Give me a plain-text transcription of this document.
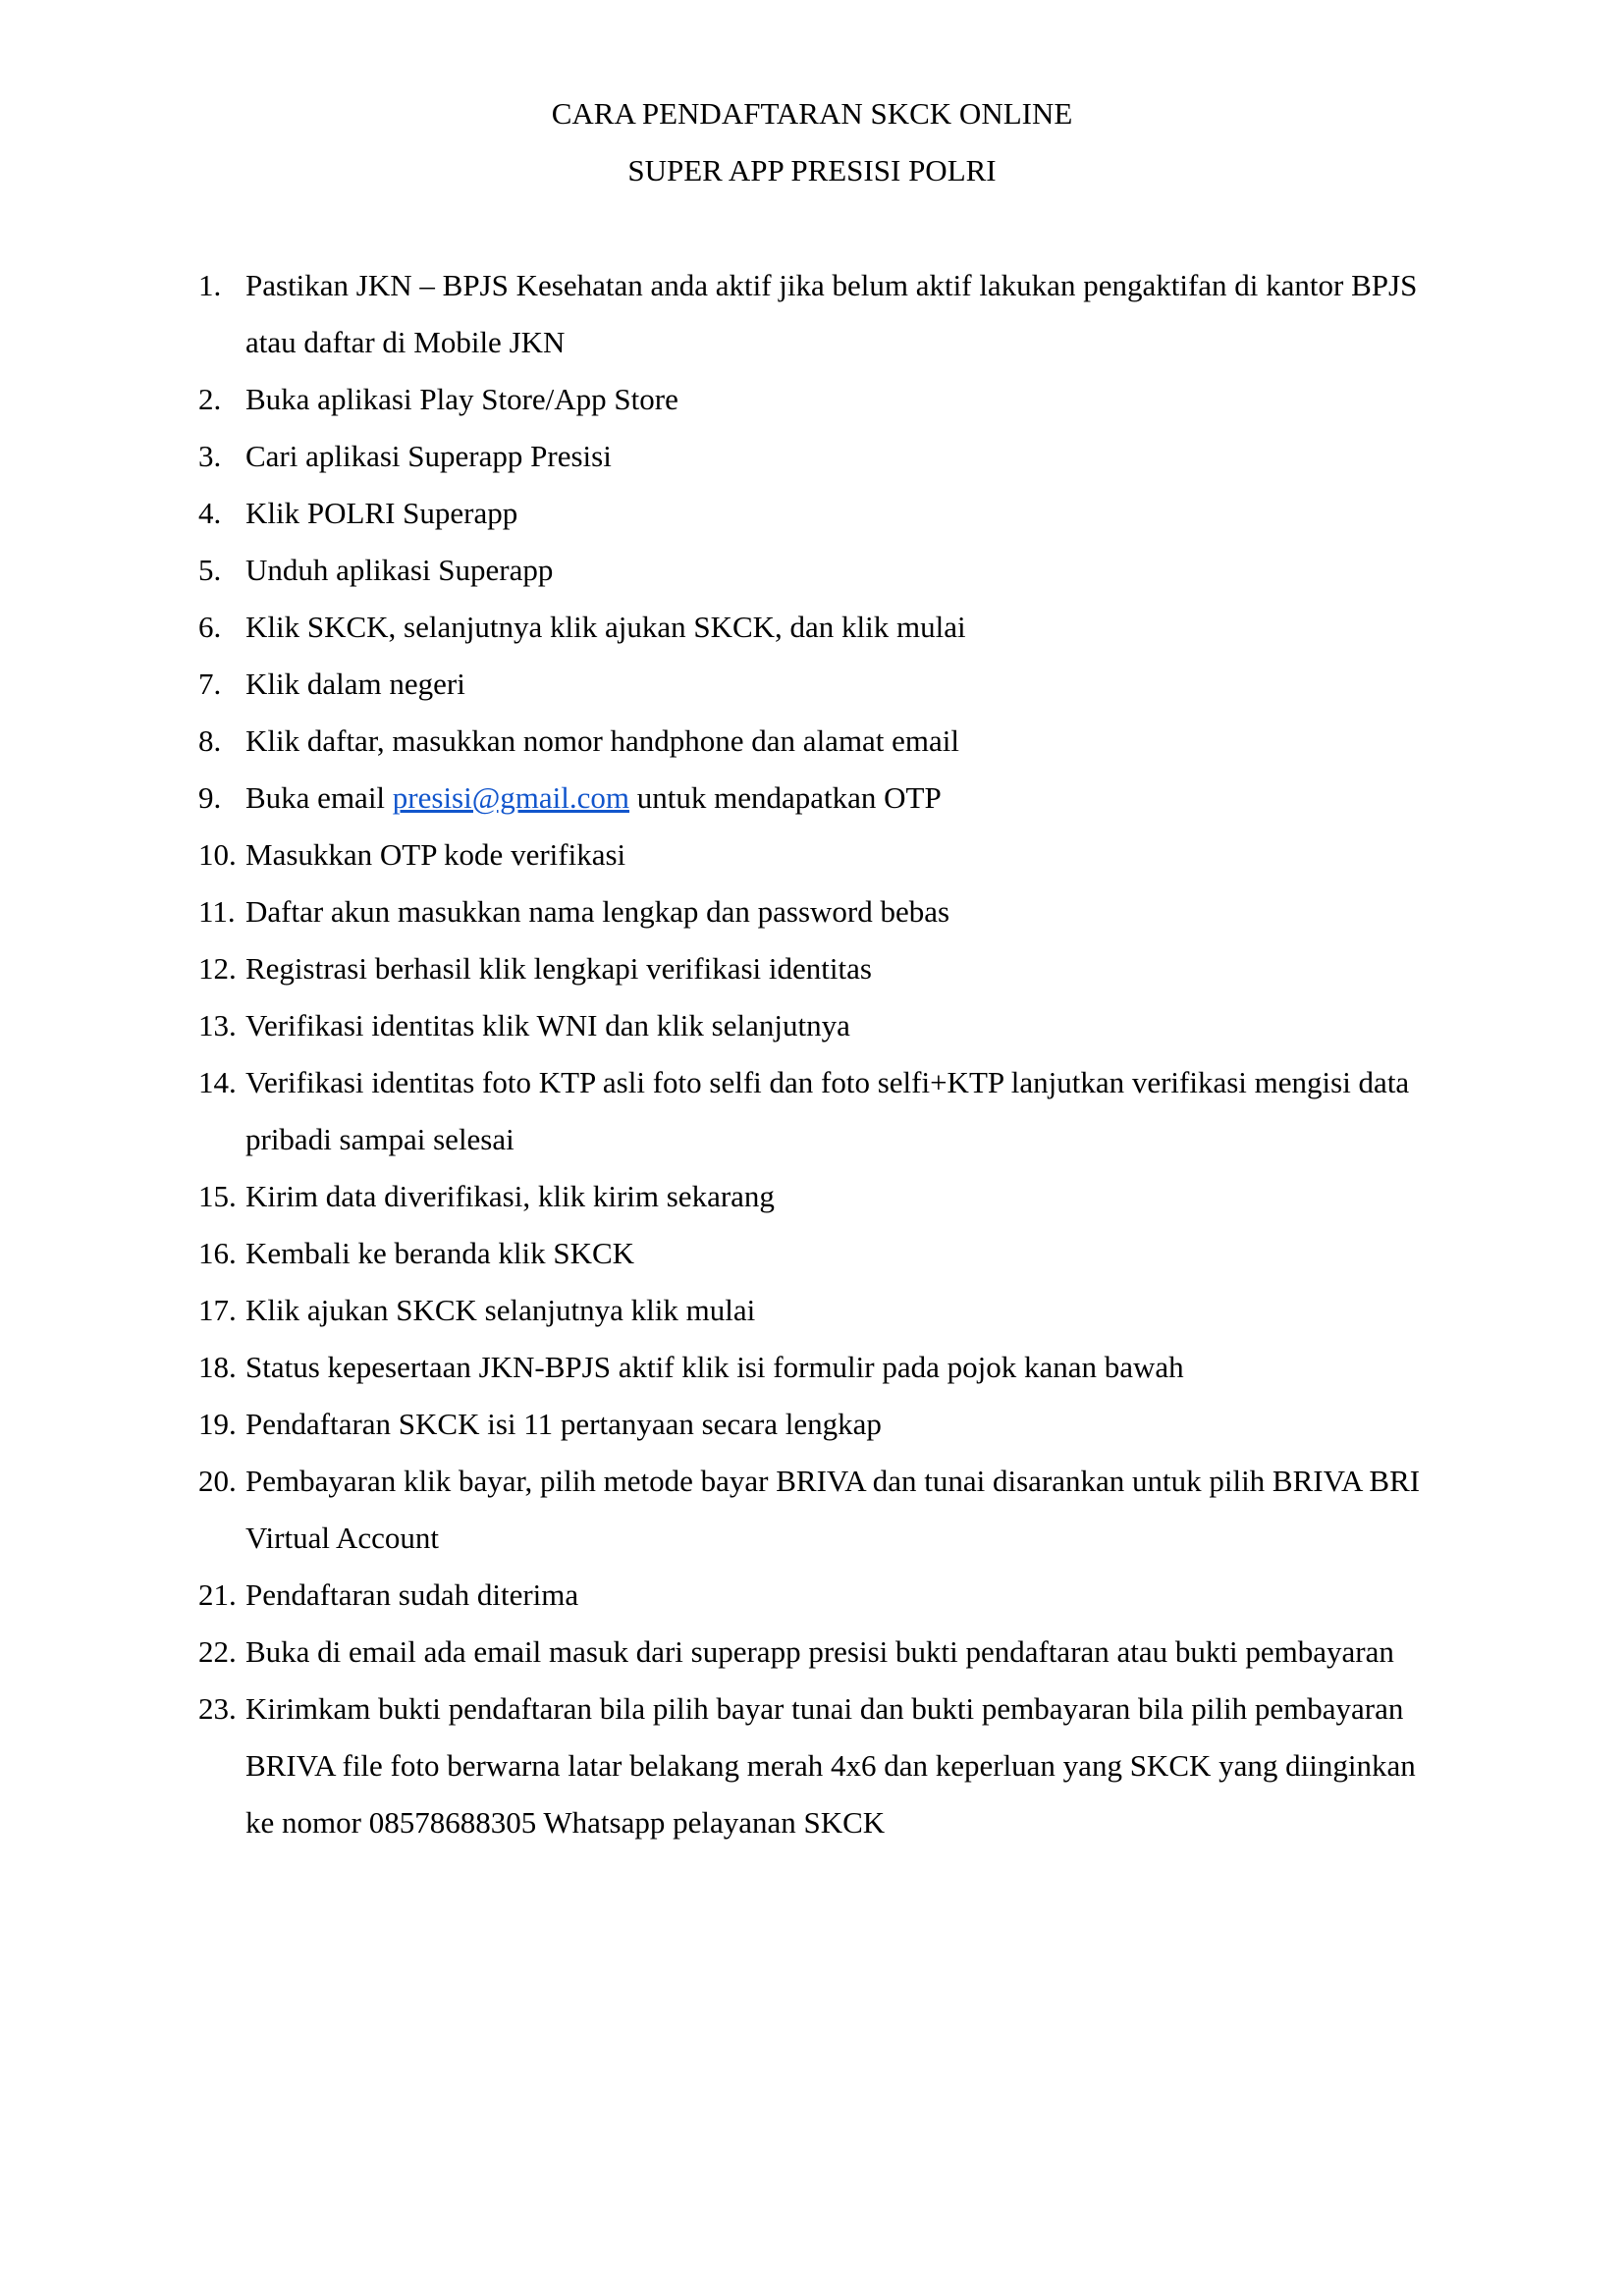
CARA PENDAFTARAN SKCK ONLINE
SUPER APP PRESISI POLRI
1. Pastikan JKN – BPJS Kesehatan anda aktif jika belum aktif lakukan pengaktifan di kantor BPJS
atau daftar di Mobile JKN
2. Buka aplikasi Play Store/App Store
3. Cari aplikasi Superapp Presisi
4. Klik POLRI Superapp
5. Unduh aplikasi Superapp
6. Klik SKCK, selanjutnya klik ajukan SKCK, dan klik mulai
7. Klik dalam negeri
8. Klik daftar, masukkan nomor handphone dan alamat email
9. Buka email presisi@gmail.com untuk mendapatkan OTP
10. Masukkan OTP kode verifikasi
11. Daftar akun masukkan nama lengkap dan password bebas
12. Registrasi berhasil klik lengkapi verifikasi identitas
13. Verifikasi identitas klik WNI dan klik selanjutnya
14. Verifikasi identitas foto KTP asli foto selfi dan foto selfi+KTP lanjutkan verifikasi mengisi data
pribadi sampai selesai
15. Kirim data diverifikasi, klik kirim sekarang
16. Kembali ke beranda klik SKCK
17. Klik ajukan SKCK selanjutnya klik mulai
18. Status kepesertaan JKN-BPJS aktif klik isi formulir pada pojok kanan bawah
19. Pendaftaran SKCK isi 11 pertanyaan secara lengkap
20. Pembayaran klik bayar, pilih metode bayar BRIVA dan tunai disarankan untuk pilih BRIVA BRI
Virtual Account
21. Pendaftaran sudah diterima
22. Buka di email ada email masuk dari superapp presisi bukti pendaftaran atau bukti pembayaran
23. Kirimkam bukti pendaftaran bila pilih bayar tunai dan bukti pembayaran bila pilih pembayaran
BRIVA file foto berwarna latar belakang merah 4x6 dan keperluan yang SKCK yang diinginkan
ke nomor 08578688305 Whatsapp pelayanan SKCK
